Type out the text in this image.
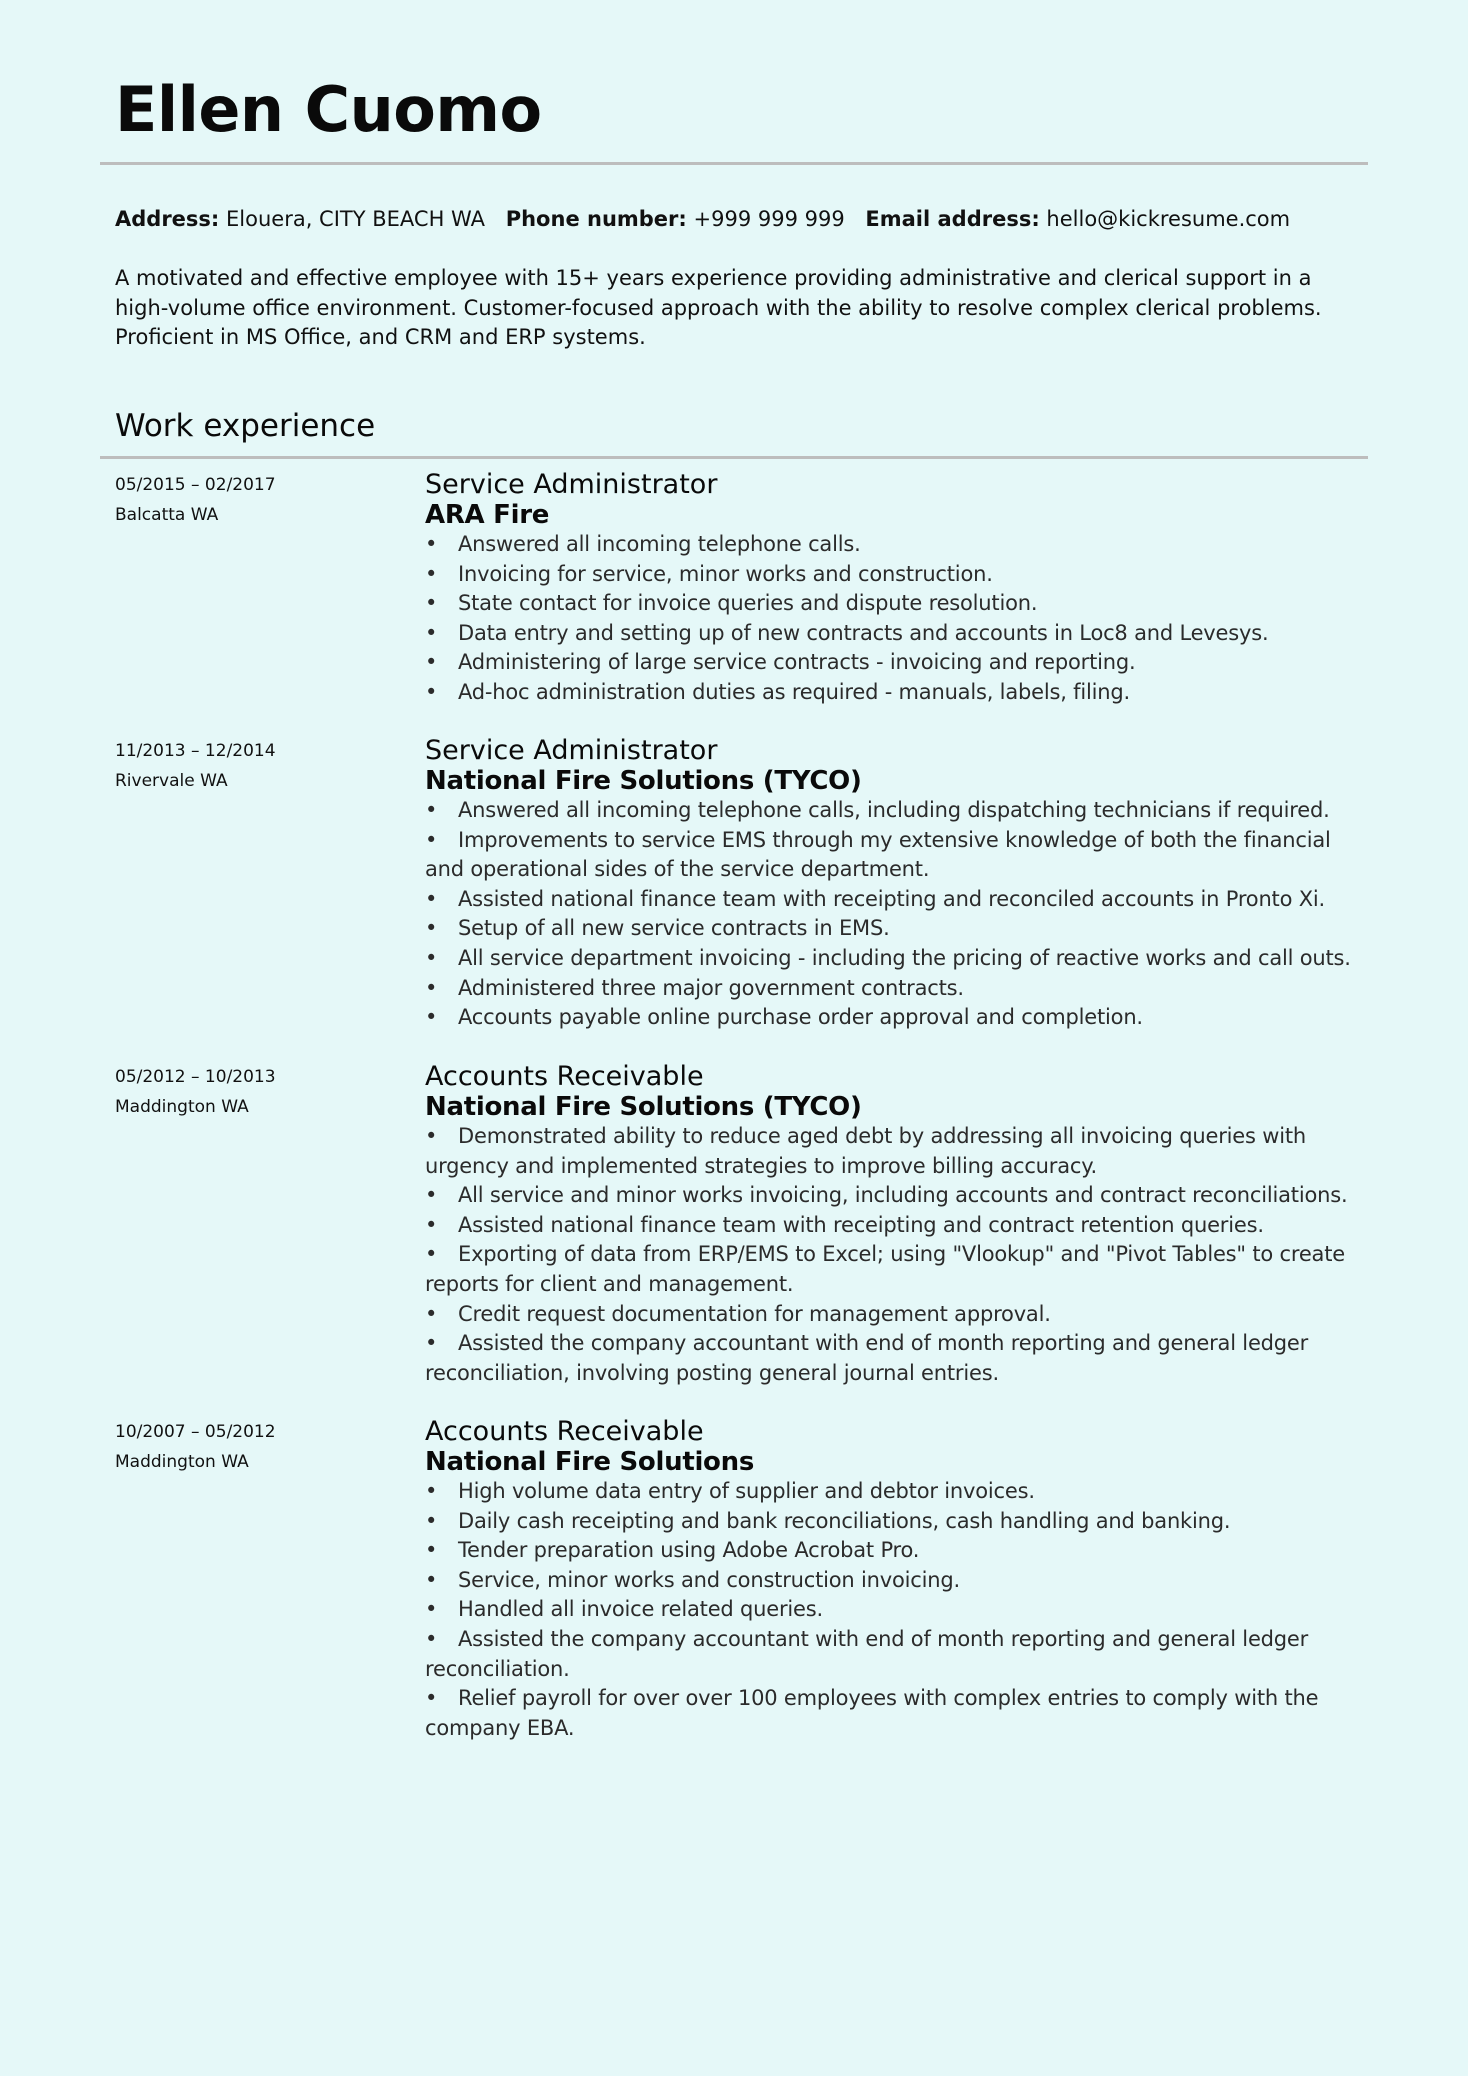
Ellen Cuomo
Address: Elouera, CITY BEACH WA Phone number: +999 999 999 Email address: hello@kickresume.com
A motivated and effective employee with 15+ years experience providing administrative and clerical support in a high-volume office environment. Customer-focused approach with the ability to resolve complex clerical problems. Proficient in MS Office, and CRM and ERP systems.
Work experience
05/2015 – 02/2017
Balcatta WA
Service Administrator
ARA Fire
• Answered all incoming telephone calls.
• Invoicing for service, minor works and construction.
• State contact for invoice queries and dispute resolution.
• Data entry and setting up of new contracts and accounts in Loc8 and Levesys.
• Administering of large service contracts - invoicing and reporting.
• Ad-hoc administration duties as required - manuals, labels, filing.
11/2013 – 12/2014
Rivervale WA
Service Administrator
National Fire Solutions (TYCO)
• Answered all incoming telephone calls, including dispatching technicians if required.
• Improvements to service EMS through my extensive knowledge of both the financial and operational sides of the service department.
• Assisted national finance team with receipting and reconciled accounts in Pronto Xi.
• Setup of all new service contracts in EMS.
• All service department invoicing - including the pricing of reactive works and call outs.
• Administered three major government contracts.
• Accounts payable online purchase order approval and completion.
05/2012 – 10/2013
Maddington WA
Accounts Receivable
National Fire Solutions (TYCO)
• Demonstrated ability to reduce aged debt by addressing all invoicing queries with urgency and implemented strategies to improve billing accuracy.
• All service and minor works invoicing, including accounts and contract reconciliations.
• Assisted national finance team with receipting and contract retention queries.
• Exporting of data from ERP/EMS to Excel; using "Vlookup" and "Pivot Tables" to create reports for client and management.
• Credit request documentation for management approval.
• Assisted the company accountant with end of month reporting and general ledger reconciliation, involving posting general journal entries.
10/2007 – 05/2012
Maddington WA
Accounts Receivable
National Fire Solutions
• High volume data entry of supplier and debtor invoices.
• Daily cash receipting and bank reconciliations, cash handling and banking.
• Tender preparation using Adobe Acrobat Pro.
• Service, minor works and construction invoicing.
• Handled all invoice related queries.
• Assisted the company accountant with end of month reporting and general ledger reconciliation.
• Relief payroll for over over 100 employees with complex entries to comply with the company EBA.
